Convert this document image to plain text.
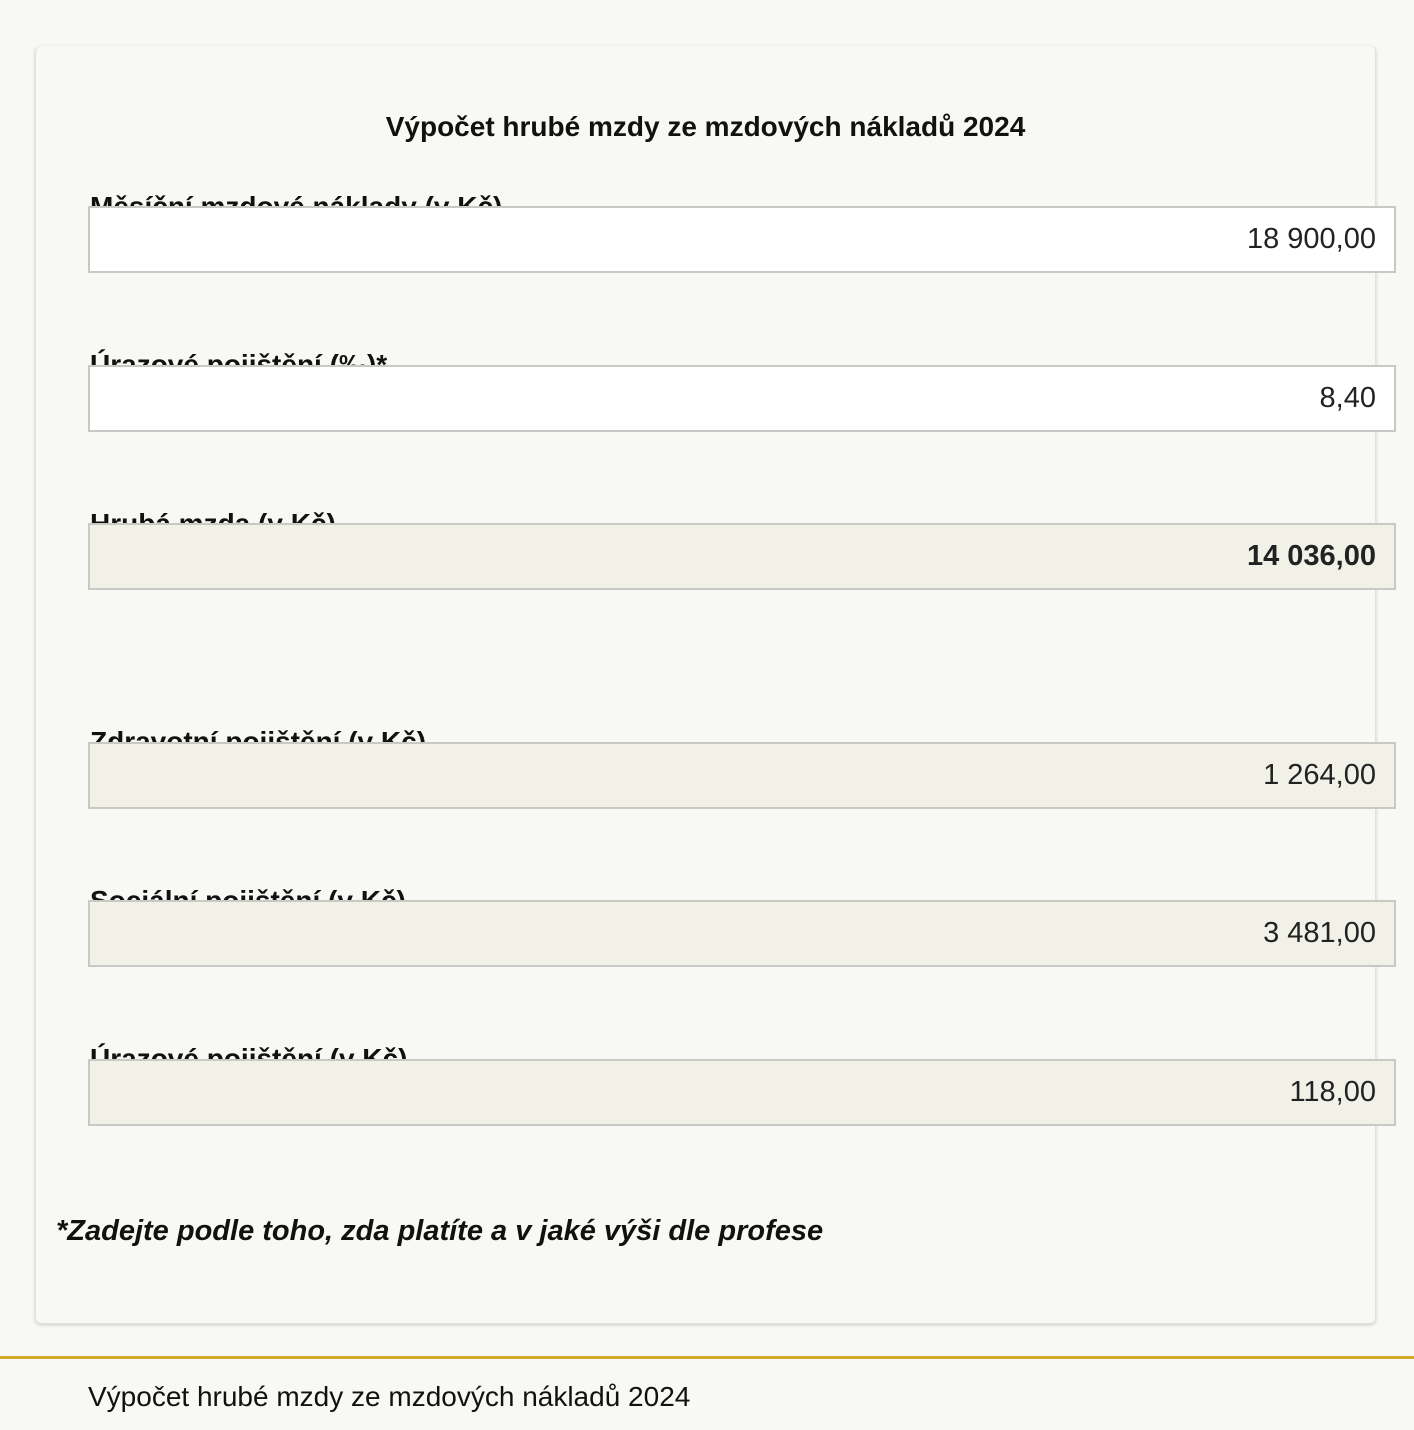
Výpočet hrubé mzdy ze mzdových nákladů 2024
18 900,00
8,40
14 036,00
1 264,00
3 481,00
118,00

*Zadejte podle toho, zda platíte a v jaké výši dle profese

Výpočet hrubé mzdy ze mzdových nákladů 2024
